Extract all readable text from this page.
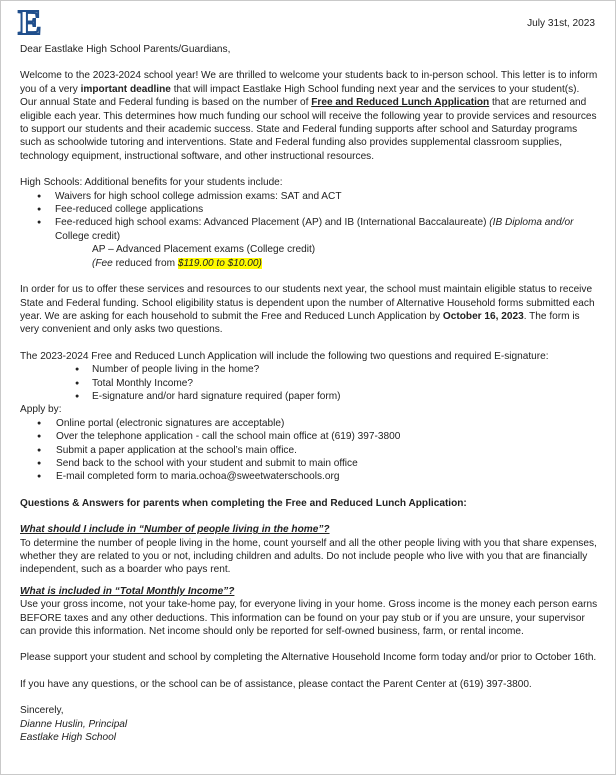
E	July 31st, 2023

Dear Eastlake High School Parents/Guardians,

Welcome to the 2023-2024 school year! We are thrilled to welcome your students back to in-person school. This letter is to inform you of a very important deadline that will impact Eastlake High School funding next year and the services to your student(s). Our annual State and Federal funding is based on the number of Free and Reduced Lunch Application that are returned and eligible each year. This determines how much funding our school will receive the following year to provide services and resources to support our students and their academic success. State and Federal funding supports after school and Saturday programs such as schoolwide tutoring and interventions. State and Federal funding also provides supplemental classroom supplies, technology equipment, instructional software, and other instructional resources.

High Schools: Additional benefits for your students include:

● Waivers for high school college admission exams: SAT and ACT

● Fee-reduced college applications

● Fee-reduced high school exams: Advanced Placement (AP) and IB (International Baccalaureate) (IB Diploma and/or
College credit)

AP – Advanced Placement exams (College credit)

(Fee reduced from $119.00 to $10.00)

In order for us to offer these services and resources to our students next year, the school must maintain eligible status to receive State and Federal funding. School eligibility status is dependent upon the number of Alternative Household forms submitted each year. We are asking for each household to submit the Free and Reduced Lunch Application by October 16, 2023. The form is very convenient and only asks two questions.

The 2023-2024 Free and Reduced Lunch Application will include the following two questions and required E-signature:

● Number of people living in the home?

● Total Monthly Income?

● E-signature and/or hard signature required (paper form)

Apply by:

● Online portal (electronic signatures are acceptable)

● Over the telephone application - call the school main office at (619) 397-3800

● Submit a paper application at the school’s main office.

● Send back to the school with your student and submit to main office

● E-mail completed form to maria.ochoa@sweetwaterschools.org

Questions & Answers for parents when completing the Free and Reduced Lunch Application:

What should I include in “Number of people living in the home”?

To determine the number of people living in the home, count yourself and all the other people living with you that share expenses, whether they are related to you or not, including children and adults. Do not include people who live with you that are financially independent, such as a boarder who pays rent.

What is included in “Total Monthly Income”?

Use your gross income, not your take-home pay, for everyone living in your home. Gross income is the money each person earns BEFORE taxes and any other deductions. This information can be found on your pay stub or if you are unsure, your supervisor can provide this information. Net income should only be reported for self-owned business, farm, or rental income.

Please support your student and school by completing the Alternative Household Income form today and/or prior to October 16th.

If you have any questions, or the school can be of assistance, please contact the Parent Center at (619) 397-3800.

Sincerely,

Dianne Huslin, Principal

Eastlake High School
